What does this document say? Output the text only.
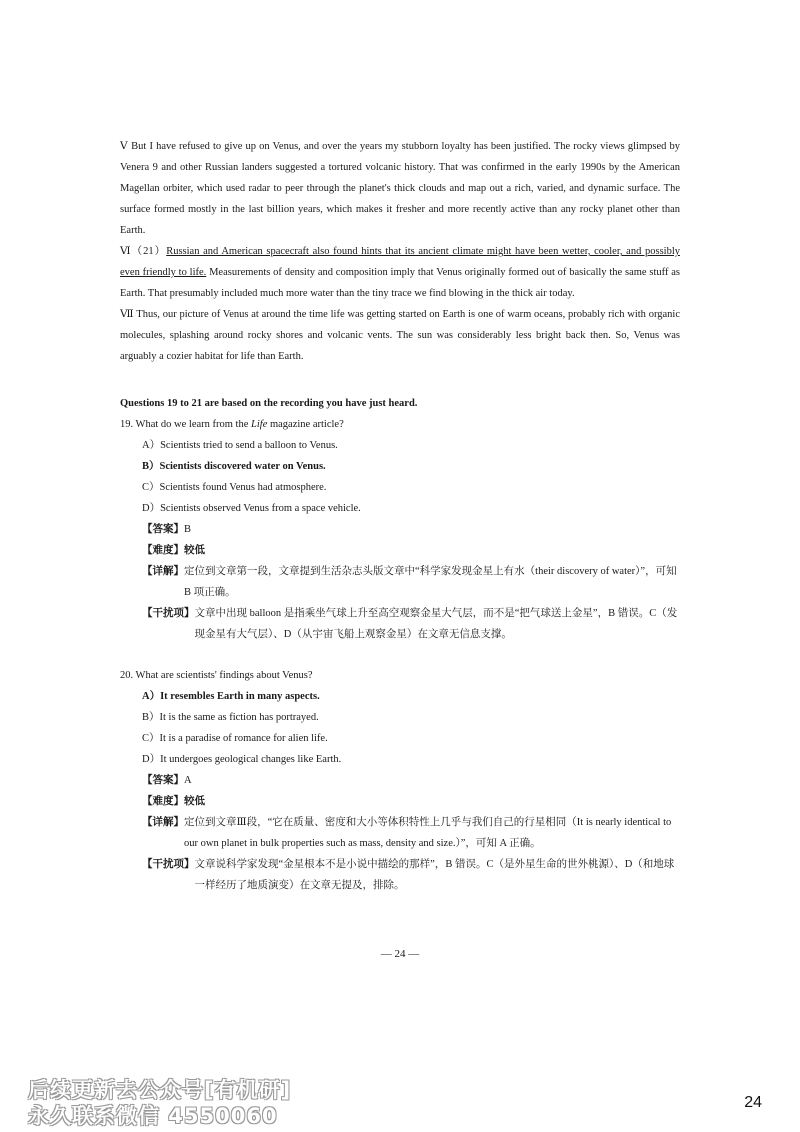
Ⅴ But I have refused to give up on Venus, and over the years my stubborn loyalty has been justified. The rocky views glimpsed by Venera 9 and other Russian landers suggested a tortured volcanic history. That was confirmed in the early 1990s by the American Magellan orbiter, which used radar to peer through the planet's thick clouds and map out a rich, varied, and dynamic surface. The surface formed mostly in the last billion years, which makes it fresher and more recently active than any rocky planet other than Earth.

Ⅵ（21）Russian and American spacecraft also found hints that its ancient climate might have been wetter, cooler, and possibly even friendly to life. Measurements of density and composition imply that Venus originally formed out of basically the same stuff as Earth. That presumably included much more water than the tiny trace we find blowing in the thick air today.

Ⅶ Thus, our picture of Venus at around the time life was getting started on Earth is one of warm oceans, probably rich with organic molecules, splashing around rocky shores and volcanic vents. The sun was considerably less bright back then. So, Venus was arguably a cozier habitat for life than Earth.

Questions 19 to 21 are based on the recording you have just heard.
19. What do we learn from the Life magazine article?
A）Scientists tried to send a balloon to Venus.
B）Scientists discovered water on Venus.
C）Scientists found Venus had atmosphere.
D）Scientists observed Venus from a space vehicle.
【答案】 B
【难度】 较低
【详解】 定位到文章第一段，文章提到生活杂志头版文章中“科学家发现金星上有水（their discovery of water）”，可知 B 项正确。
【干扰项】 文章中出现 balloon 是指乘坐气球上升至高空观察金星大气层，而不是“把气球送上金星”，B 错误。C（发现金星有大气层）、D（从宇宙飞船上观察金星）在文章无信息支撑。
20. What are scientists' findings about Venus?
A）It resembles Earth in many aspects.
B）It is the same as fiction has portrayed.
C）It is a paradise of romance for alien life.
D）It undergoes geological changes like Earth.
【答案】 A
【难度】 较低
【详解】 定位到文章Ⅲ段，“它在质量、密度和大小等体积特性上几乎与我们自己的行星相同（It is nearly identical to our own planet in bulk properties such as mass, density and size.）”，可知 A 正确。
【干扰项】 文章说科学家发现“金星根本不是小说中描绘的那样”，B 错误。C（是外星生命的世外桃源）、D（和地球一样经历了地质演变）在文章无提及，排除。
— 24 —
后续更新去公众号[有机研]
永久联系微信 4550060
24
